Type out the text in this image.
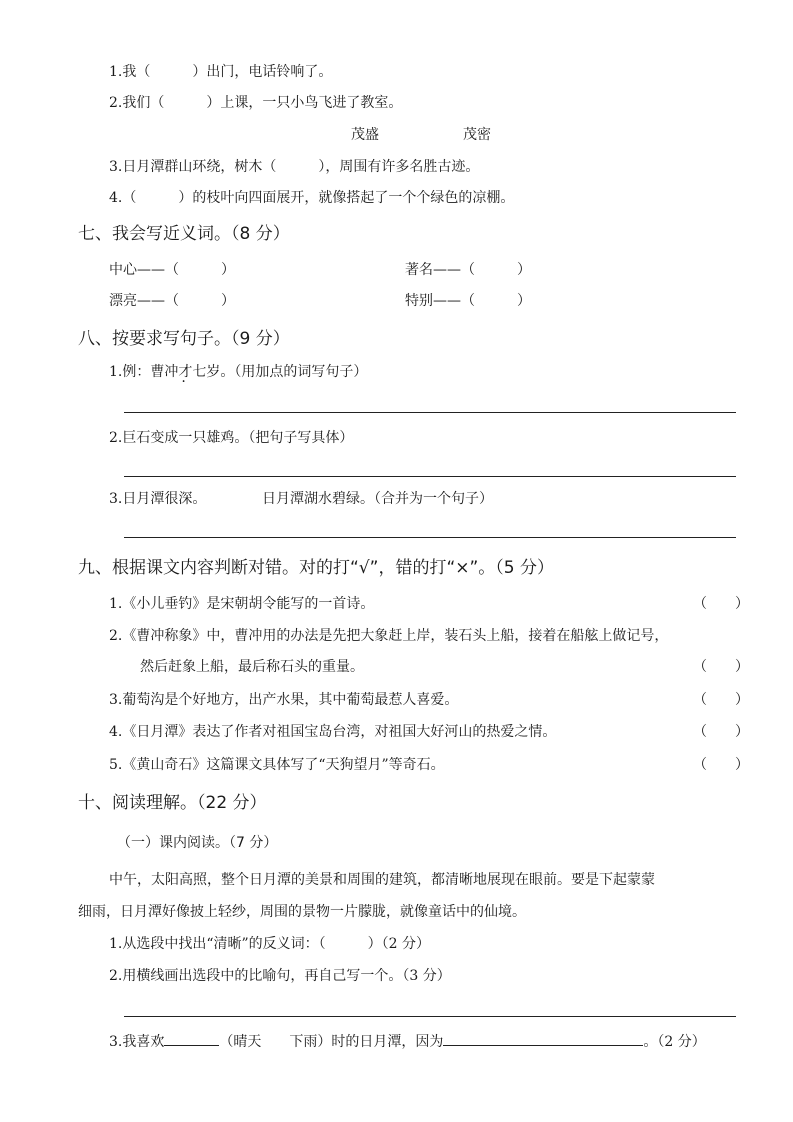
1.我（　　　）出门，电话铃响了。
2.我们（　　　）上课，一只小鸟飞进了教室。
茂盛	茂密
3.日月潭群山环绕，树木（　　　），周围有许多名胜古迹。
4.（　　　）的枝叶向四面展开，就像搭起了一个个绿色的凉棚。
七、我会写近义词。（8 分）
中心——（　　　）	著名——（　　　）
漂亮——（　　　）	特别——（　　　）
八、按要求写句子。（9 分）
1.例：曹冲才七岁。（用加点的词写句子）
2.巨石变成一只雄鸡。（把句子写具体）
3.日月潭很深。	日月潭湖水碧绿。（合并为一个句子）
九、根据课文内容判断对错。对的打“√”，错的打“×”。（5 分）
1.《小儿垂钓》是宋朝胡令能写的一首诗。	（　　）
2.《曹冲称象》中，曹冲用的办法是先把大象赶上岸，装石头上船，接着在船舷上做记号，
然后赶象上船，最后称石头的重量。	（　　）
3.葡萄沟是个好地方，出产水果，其中葡萄最惹人喜爱。	（　　）
4.《日月潭》表达了作者对祖国宝岛台湾，对祖国大好河山的热爱之情。	（　　）
5.《黄山奇石》这篇课文具体写了“天狗望月”等奇石。	（　　）
十、阅读理解。（22 分）
（一）课内阅读。（7 分）
中午，太阳高照，整个日月潭的美景和周围的建筑，都清晰地展现在眼前。要是下起蒙蒙
细雨，日月潭好像披上轻纱，周围的景物一片朦胧，就像童话中的仙境。
1.从选段中找出“清晰”的反义词：（　　　）（2 分）
2.用横线画出选段中的比喻句，再自己写一个。（3 分）
3.我喜欢	（晴天　　下雨）时的日月潭，因为	。（2 分）
